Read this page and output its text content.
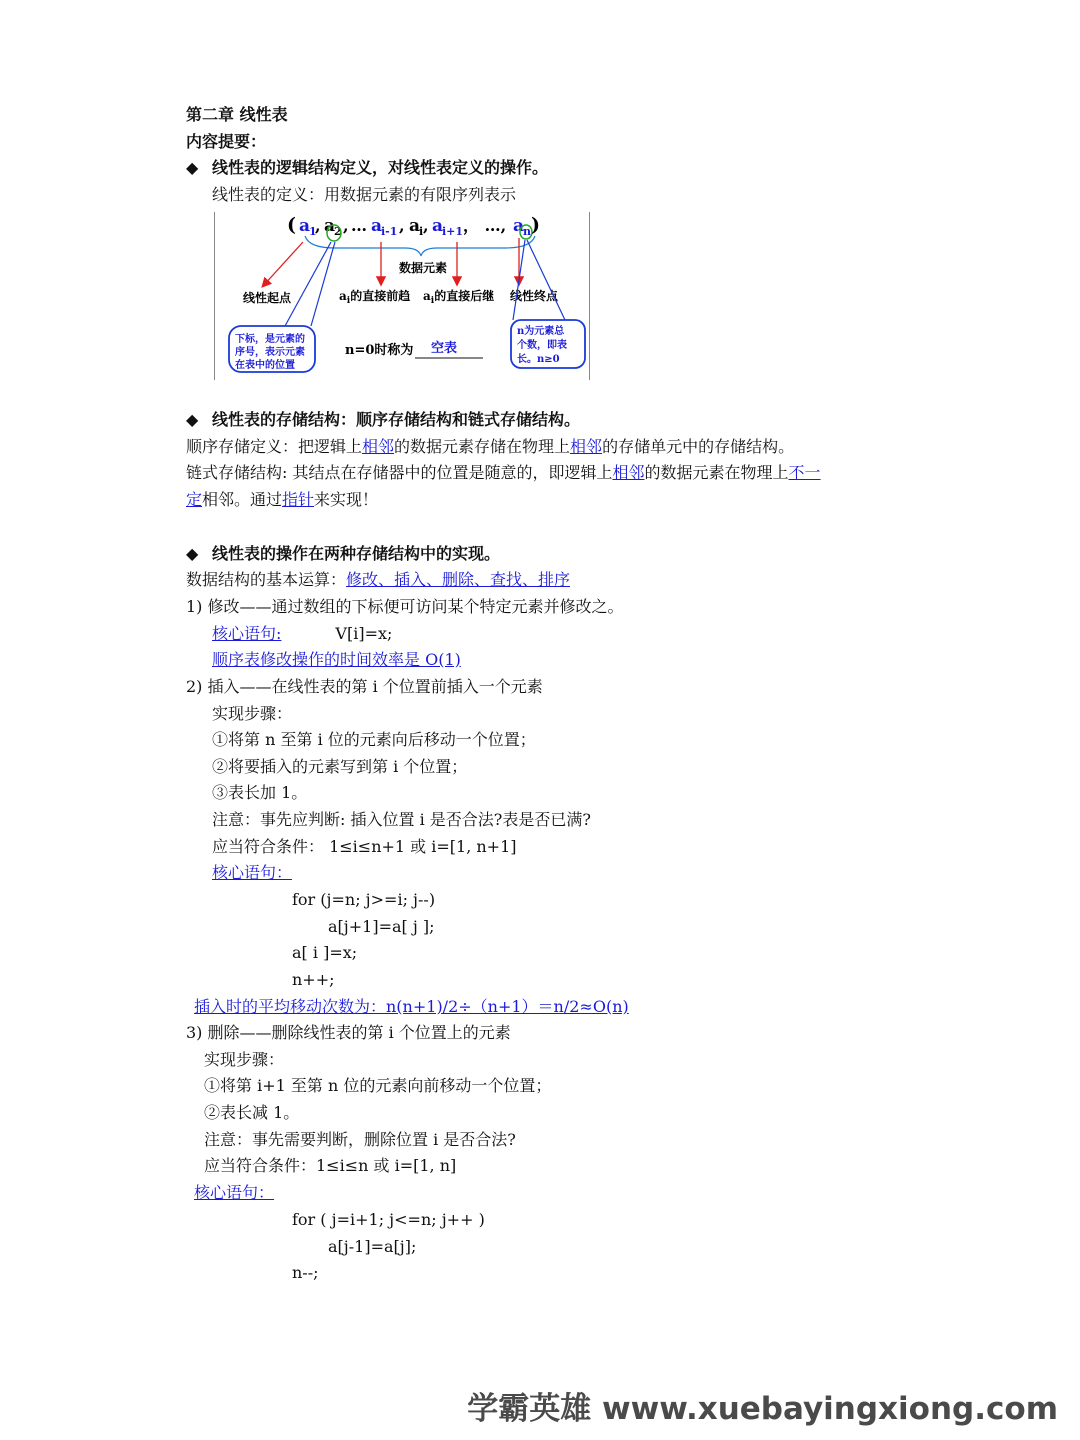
第二章 线性表
内容提要：
◆ 线性表的逻辑结构定义，对线性表定义的操作。
线性表的定义：用数据元素的有限序列表示
( a
1
, a
2 , … a
i-1 , a
i , a
i+1 ， …, a
n )
数据元素
线性起点	$a_i$的直接前趋 $a_i$的直接后继 线性终点
下标，是元素的
序号，表示元素
在表中的位置
n为元素总
个数，即表
长。n≥0
n=0时称为 空表
◆ 线性表的存储结构：顺序存储结构和链式存储结构。
顺序存储定义：把逻辑上相邻的数据元素存储在物理上相邻的存储单元中的存储结构。
链式存储结构: 其结点在存储器中的位置是随意的，即逻辑上相邻的数据元素在物理上不一
定相邻。通过指针来实现！
◆ 线性表的操作在两种存储结构中的实现。
数据结构的基本运算：修改、插入、删除、查找、排序
1) 修改——通过数组的下标便可访问某个特定元素并修改之。
核心语句:	V[i]=x;
顺序表修改操作的时间效率是 O(1)
2) 插入——在线性表的第 i 个位置前插入一个元素
实现步骤：
①将第 n 至第 i 位的元素向后移动一个位置；
②将要插入的元素写到第 i 个位置；
③表长加 1。
注意：事先应判断: 插入位置 i 是否合法?表是否已满?
应当符合条件： 1≤i≤n+1 或 i=[1, n+1]
核心语句：
for (j=n; j>=i; j--)
a[j+1]=a[ j ];
a[ i ]=x;
n++;
插入时的平均移动次数为：n(n+1)/2÷（n+1）＝n/2≈O(n)
3) 删除——删除线性表的第 i 个位置上的元素
实现步骤：
①将第 i+1 至第 n 位的元素向前移动一个位置；
②表长减 1。
注意：事先需要判断，删除位置 i 是否合法?
应当符合条件：1≤i≤n 或 i=[1, n]
核心语句：
for ( j=i+1; j<=n; j++ )
a[j-1]=a[j];
n--;
学霸英雄 www.xuebayingxiong.com
